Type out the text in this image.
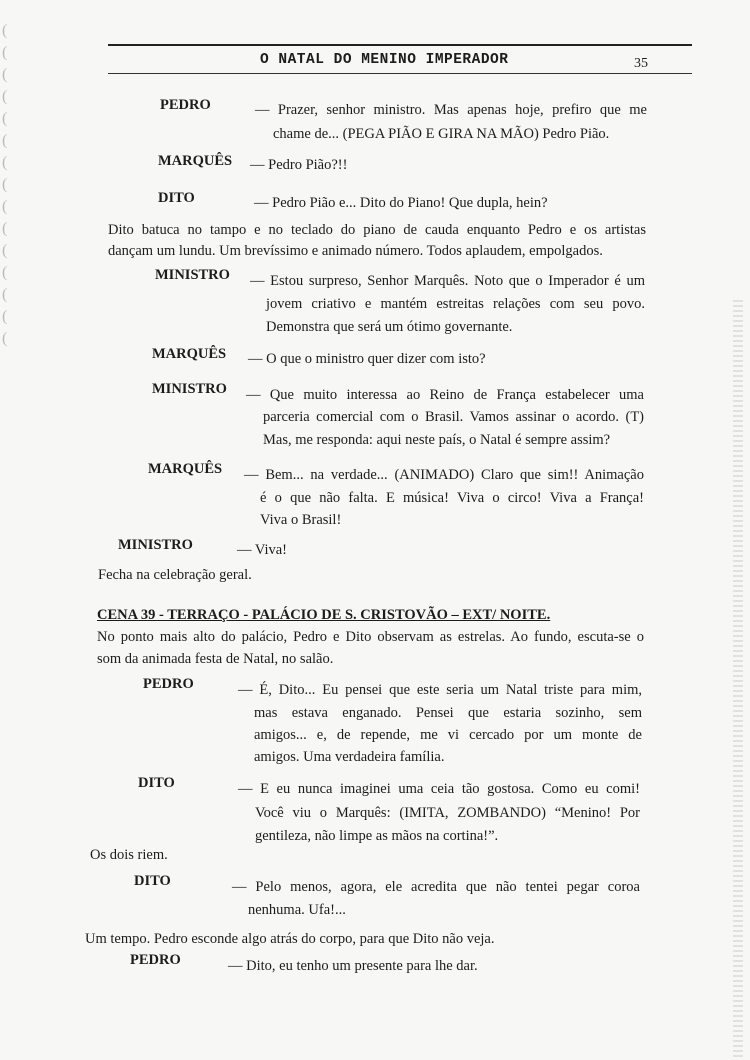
(
(
(
(
(
(
(
(
(
(
(
(
(
(
(
O NATAL DO MENINO IMPERADOR	35
PEDRO	— Prazer, senhor ministro. Mas apenas hoje, prefiro que me
chame de... (PEGA PIÃO E GIRA NA MÃO) Pedro Pião.
MARQUÊS — Pedro Pião?!!
DITO	— Pedro Pião e... Dito do Piano! Que dupla, hein?
Dito batuca no tampo e no teclado do piano de cauda enquanto Pedro e os artistas
dançam um lundu. Um brevíssimo e animado número. Todos aplaudem, empolgados.
MINISTRO — Estou surpreso, Senhor Marquês. Noto que o Imperador é um
jovem criativo e mantém estreitas relações com seu povo.
Demonstra que será um ótimo governante.
MARQUÊS — O que o ministro quer dizer com isto?
MINISTRO — Que muito interessa ao Reino de França estabelecer uma
parceria comercial com o Brasil. Vamos assinar o acordo. (T)
Mas, me responda: aqui neste país, o Natal é sempre assim?
MARQUÊS — Bem... na verdade... (ANIMADO) Claro que sim!! Animação
é o que não falta. E música! Viva o circo! Viva a França!
Viva o Brasil!
MINISTRO	— Viva!
Fecha na celebração geral.
CENA 39 - TERRAÇO - PALÁCIO DE S. CRISTOVÃO – EXT/ NOITE.
No ponto mais alto do palácio, Pedro e Dito observam as estrelas. Ao fundo, escuta-se o
som da animada festa de Natal, no salão.
PEDRO	— É, Dito... Eu pensei que este seria um Natal triste para mim,
mas estava enganado. Pensei que estaria sozinho, sem
amigos... e, de repende, me vi cercado por um monte de
amigos. Uma verdadeira família.
DITO	— E eu nunca imaginei uma ceia tão gostosa. Como eu comi!
Você viu o Marquês: (IMITA, ZOMBANDO) “Menino! Por
gentileza, não limpe as mãos na cortina!”.
Os dois riem.
DITO	— Pelo menos, agora, ele acredita que não tentei pegar coroa
nenhuma. Ufa!...
Um tempo. Pedro esconde algo atrás do corpo, para que Dito não veja.
PEDRO	— Dito, eu tenho um presente para lhe dar.
